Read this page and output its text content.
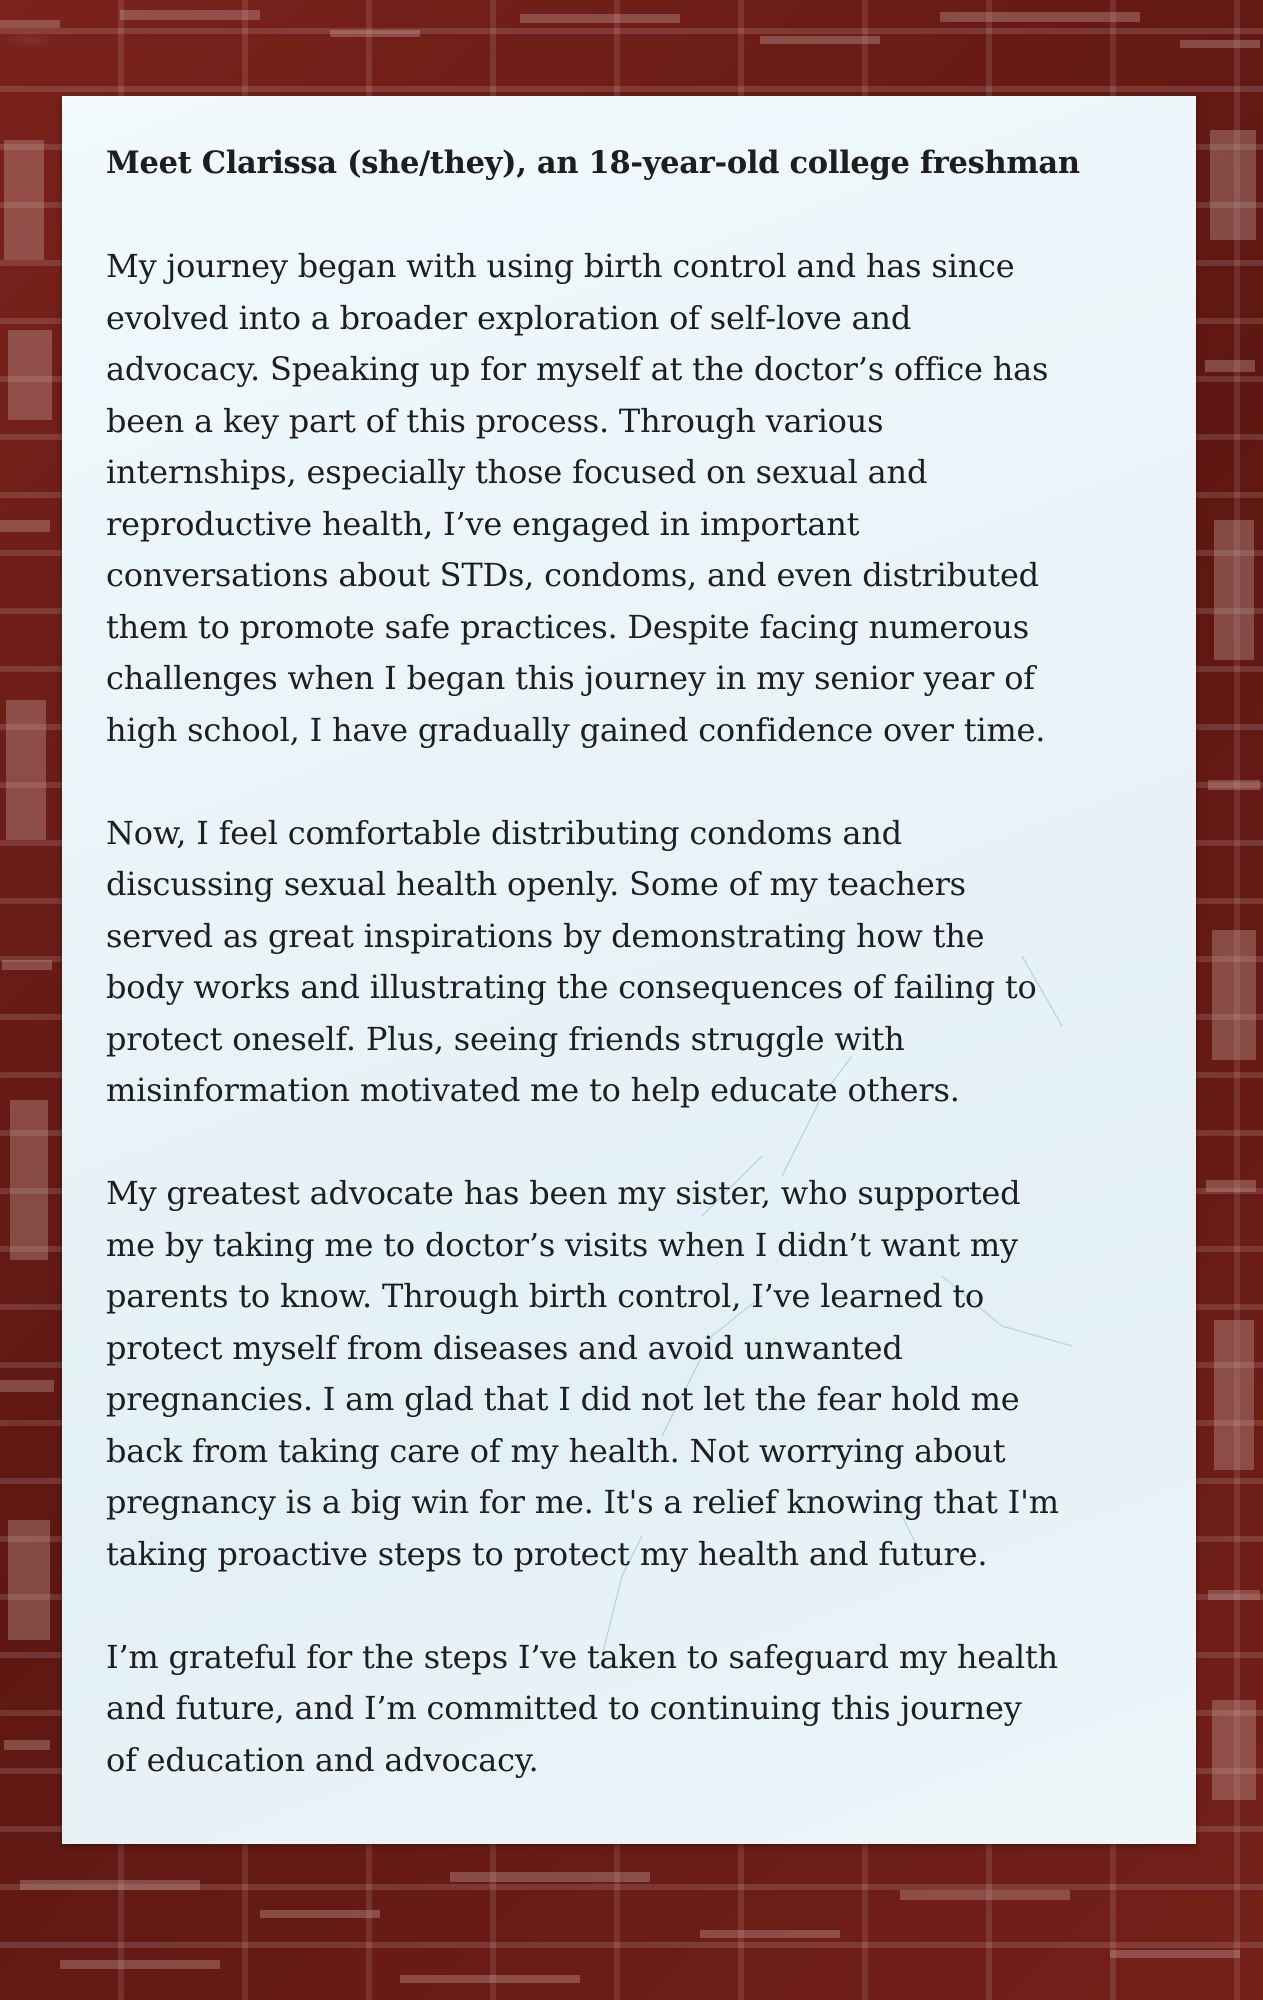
Meet Clarissa (she/they), an 18-year-old college freshman
My journey began with using birth control and has since
evolved into a broader exploration of self-love and
advocacy. Speaking up for myself at the doctor’s office has
been a key part of this process. Through various
internships, especially those focused on sexual and
reproductive health, I’ve engaged in important
conversations about STDs, condoms, and even distributed
them to promote safe practices. Despite facing numerous
challenges when I began this journey in my senior year of
high school, I have gradually gained confidence over time.
Now, I feel comfortable distributing condoms and
discussing sexual health openly. Some of my teachers
served as great inspirations by demonstrating how the
body works and illustrating the consequences of failing to
protect oneself. Plus, seeing friends struggle with
misinformation motivated me to help educate others.
My greatest advocate has been my sister, who supported
me by taking me to doctor’s visits when I didn’t want my
parents to know. Through birth control, I’ve learned to
protect myself from diseases and avoid unwanted
pregnancies. I am glad that I did not let the fear hold me
back from taking care of my health. Not worrying about
pregnancy is a big win for me. It's a relief knowing that I'm
taking proactive steps to protect my health and future.
I’m grateful for the steps I’ve taken to safeguard my health
and future, and I’m committed to continuing this journey
of education and advocacy.
